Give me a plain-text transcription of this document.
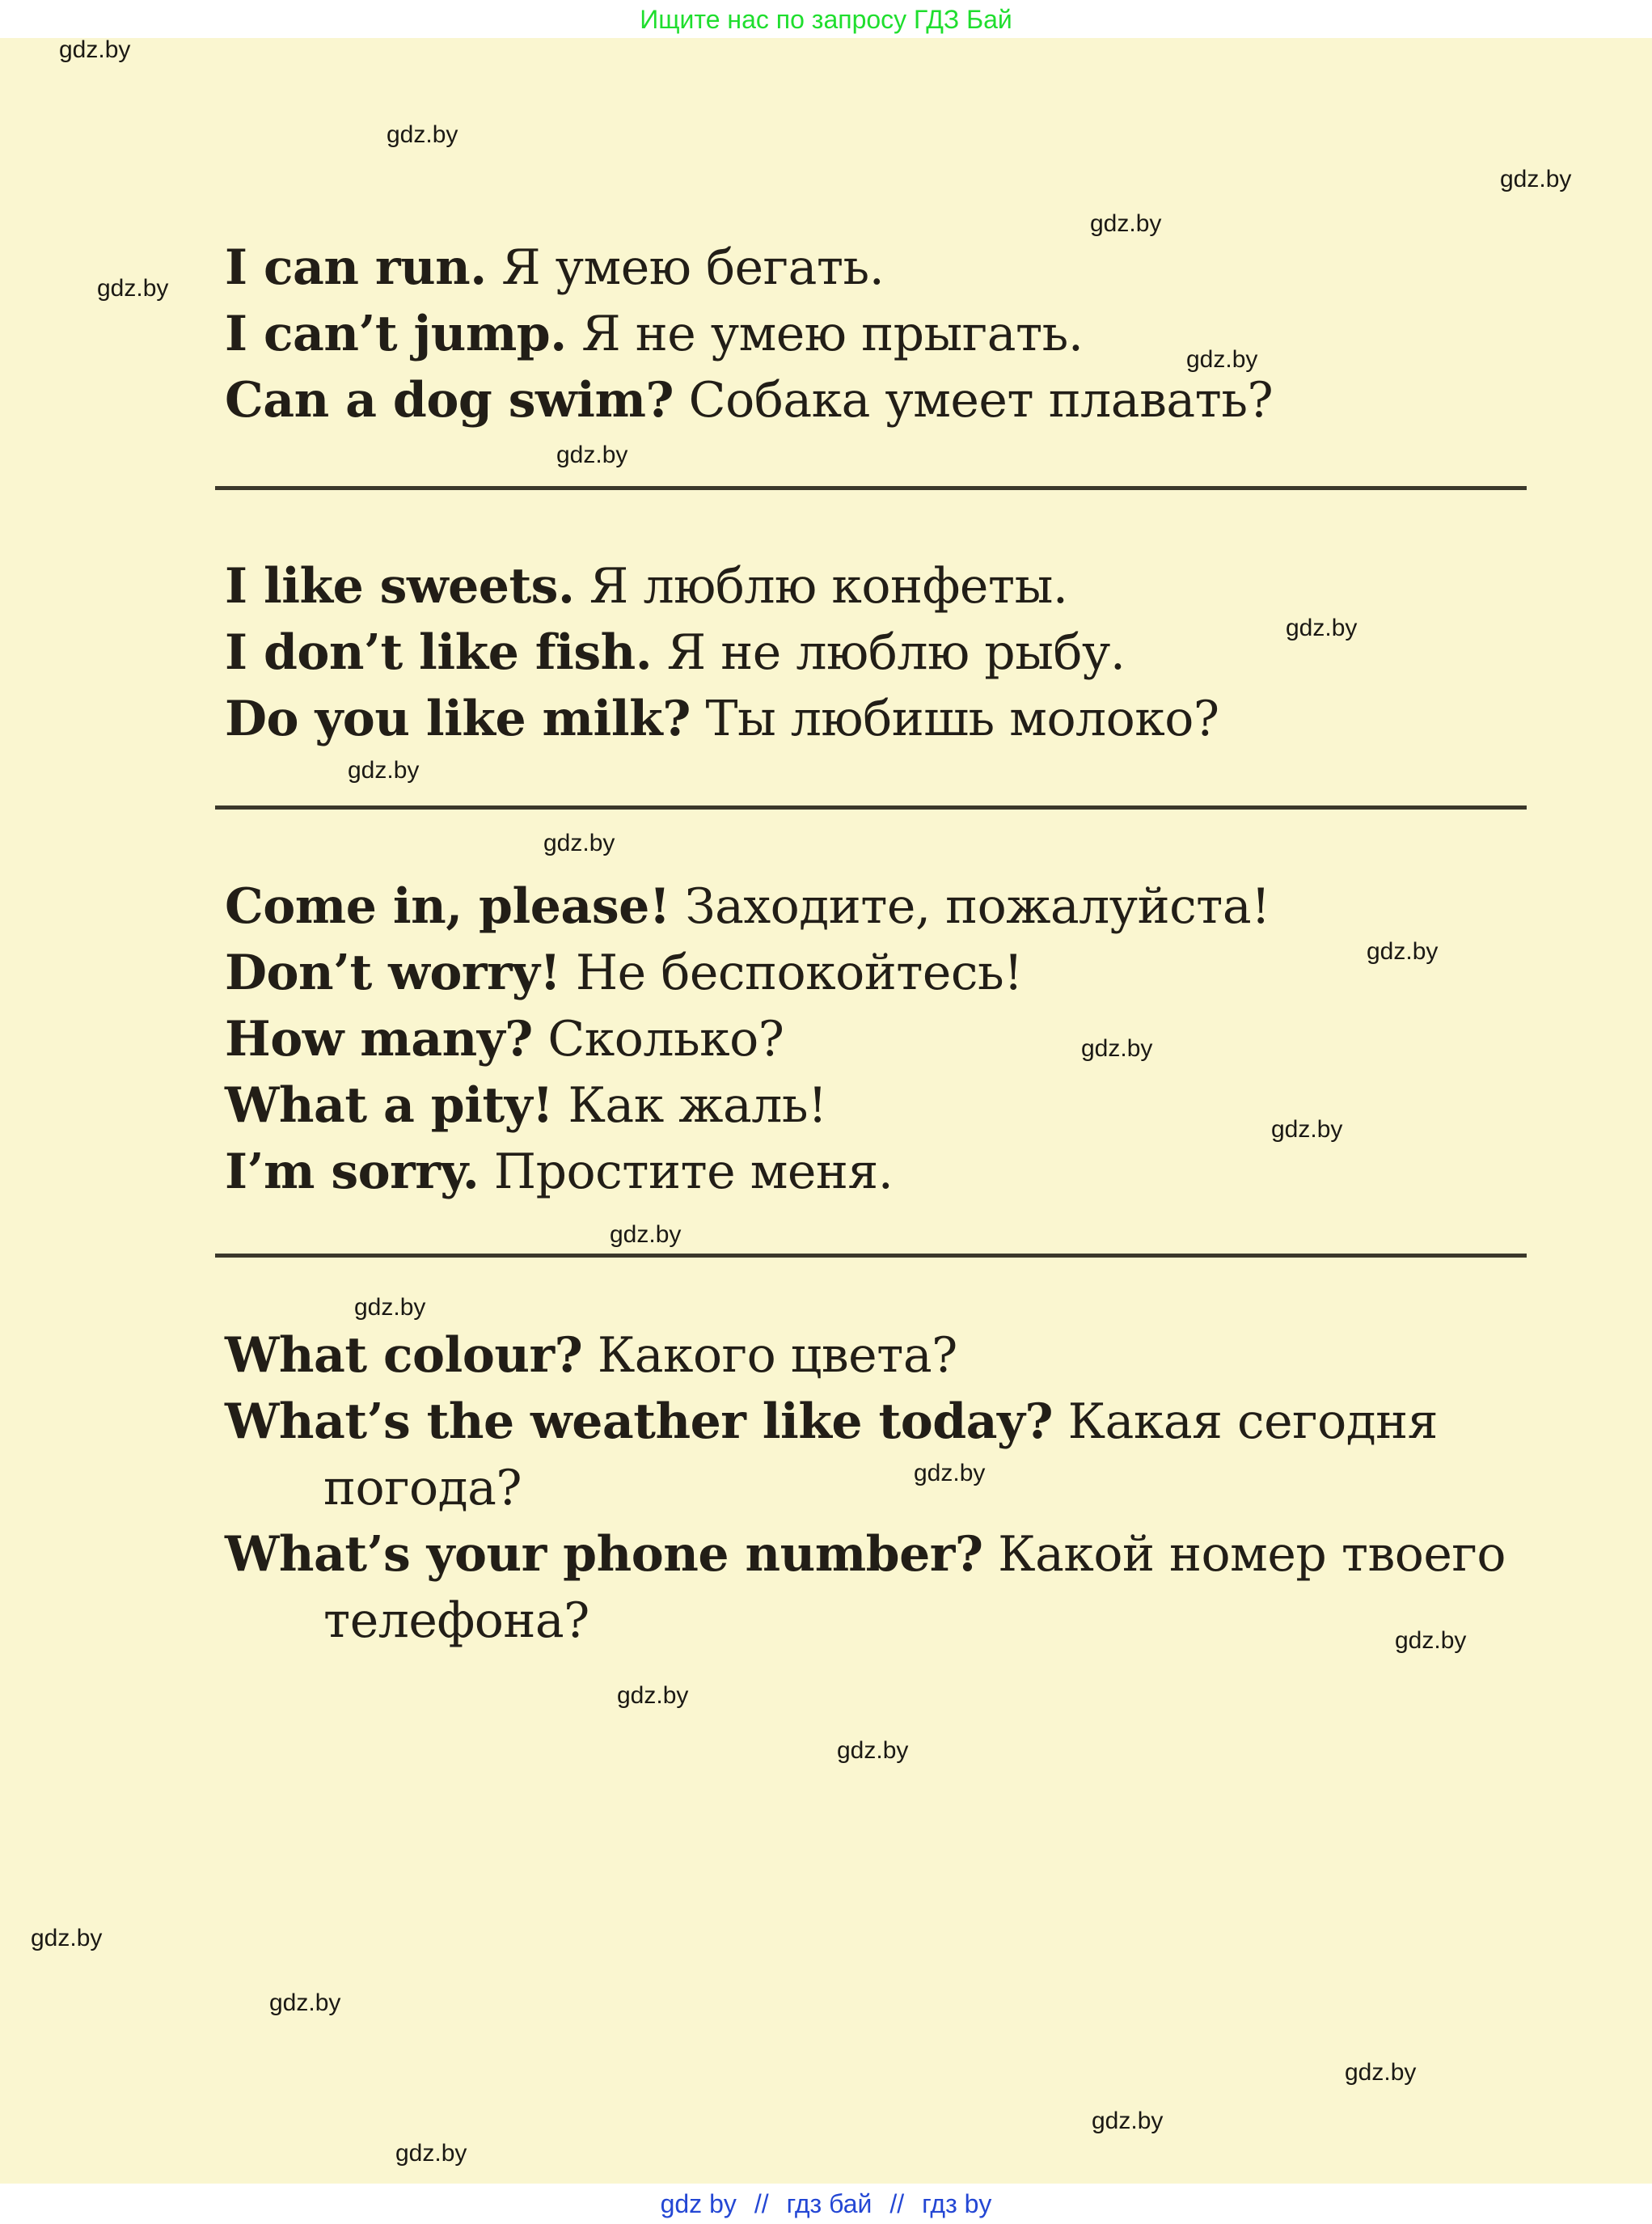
Ищите нас по запросу ГДЗ Бай

I can run. Я умею бегать.

I can’t jump. Я не умею прыгать.

Can a dog swim? Собака умеет плавать?

I like sweets. Я люблю конфеты.

I don’t like fish. Я не люблю рыбу.

Do you like milk? Ты любишь молоко?

Come in, please! Заходите, пожалуйста!

Don’t worry! Не беспокойтесь!

How many? Сколько?

What a pity! Как жаль!

I’m sorry. Простите меня.

What colour? Какого цвета?

What’s the weather like today? Какая сегодня погода?

What’s your phone number? Какой номер твоего телефона?

gdz.by
gdz.by
gdz.by
gdz.by
gdz.by
gdz.by
gdz.by
gdz.by
gdz.by
gdz.by
gdz.by
gdz.by
gdz.by
gdz.by
gdz.by
gdz.by
gdz.by
gdz.by
gdz.by
gdz.by
gdz.by
gdz.by
gdz.by
gdz.by
gdz by // гдз бай // гдз by
